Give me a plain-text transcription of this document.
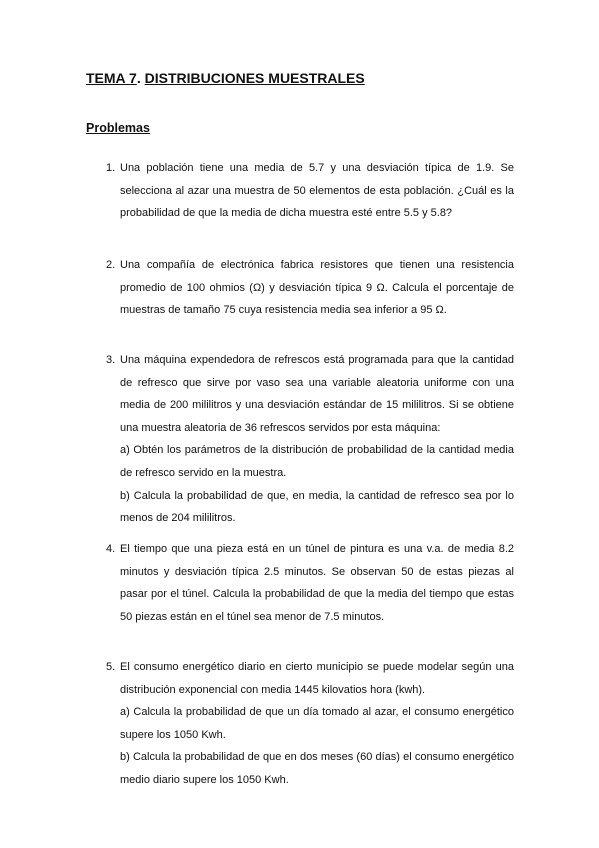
TEMA 7. DISTRIBUCIONES MUESTRALES
Problemas
1. Una población tiene una media de 5.7 y una desviación típica de 1.9. Se selecciona al azar una muestra de 50 elementos de esta población. ¿Cuál es la probabilidad de que la media de dicha muestra esté entre 5.5 y 5.8?
2. Una compañía de electrónica fabrica resistores que tienen una resistencia promedio de 100 ohmios (Ω) y desviación típica 9 Ω. Calcula el porcentaje de muestras de tamaño 75 cuya resistencia media sea inferior a 95 Ω.
3. Una máquina expendedora de refrescos está programada para que la cantidad de refresco que sirve por vaso sea una variable aleatoria uniforme con una media de 200 mililitros y una desviación estándar de 15 mililitros. Si se obtiene una muestra aleatoria de 36 refrescos servidos por esta máquina:
a) Obtén los parámetros de la distribución de probabilidad de la cantidad media de refresco servido en la muestra.
b) Calcula la probabilidad de que, en media, la cantidad de refresco sea por lo menos de 204 mililitros.
4. El tiempo que una pieza está en un túnel de pintura es una v.a. de media 8.2 minutos y desviación típica 2.5 minutos. Se observan 50 de estas piezas al pasar por el túnel. Calcula la probabilidad de que la media del tiempo que estas 50 piezas están en el túnel sea menor de 7.5 minutos.
5. El consumo energético diario en cierto municipio se puede modelar según una distribución exponencial con media 1445 kilovatios hora (kwh).
a) Calcula la probabilidad de que un día tomado al azar, el consumo energético supere los 1050 Kwh.
b) Calcula la probabilidad de que en dos meses (60 días) el consumo energético medio diario supere los 1050 Kwh.
